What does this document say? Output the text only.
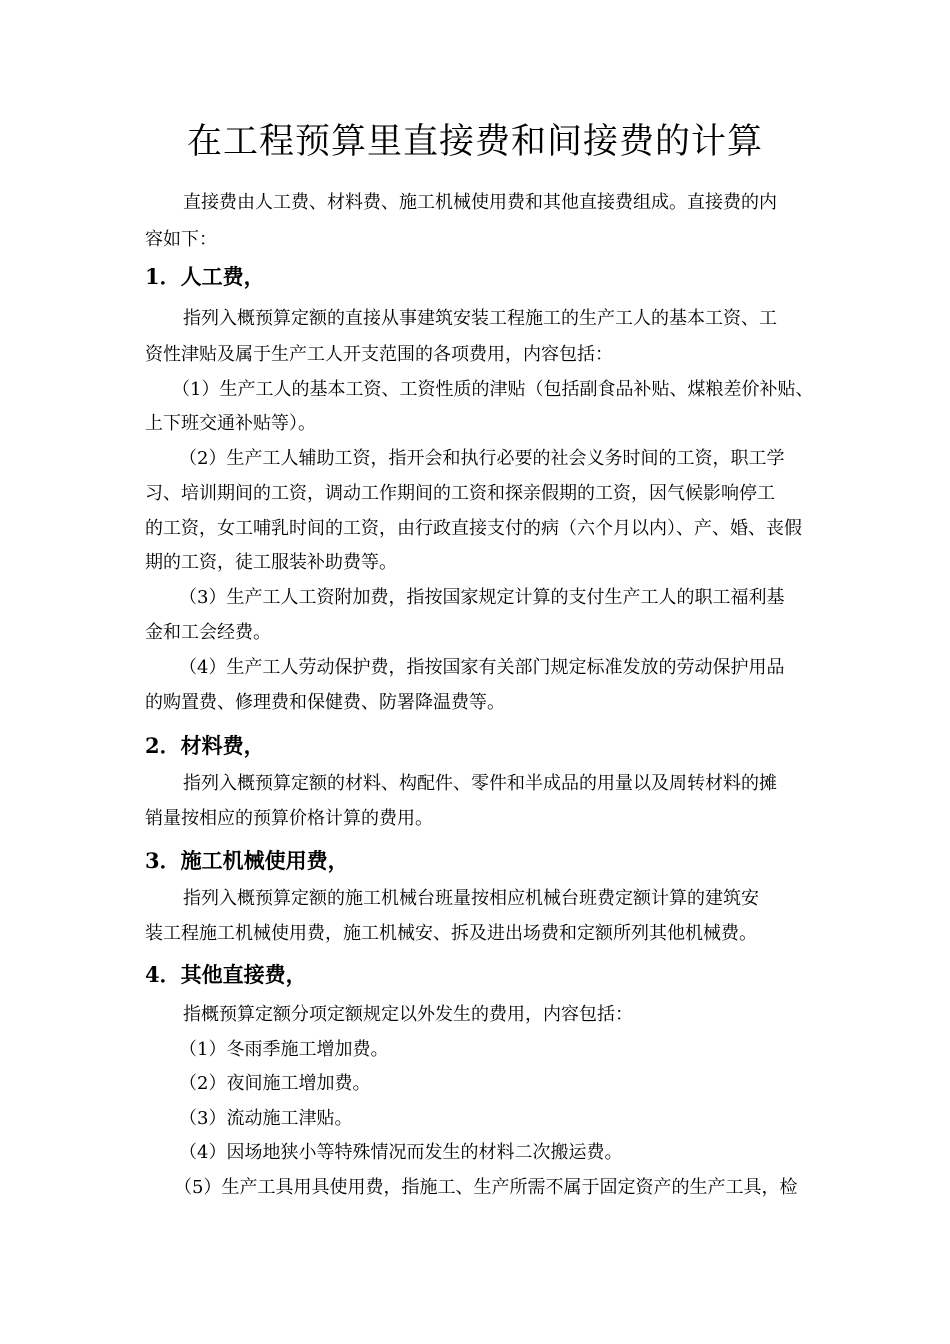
在工程预算里直接费和间接费的计算
直接费由人工费、材料费、施工机械使用费和其他直接费组成。直接费的内
容如下：
1．人工费，
指列入概预算定额的直接从事建筑安装工程施工的生产工人的基本工资、工
资性津贴及属于生产工人开支范围的各项费用，内容包括：
（1）生产工人的基本工资、工资性质的津贴（包括副食品补贴、煤粮差价补贴、
上下班交通补贴等）。
（2）生产工人辅助工资，指开会和执行必要的社会义务时间的工资，职工学
习、培训期间的工资，调动工作期间的工资和探亲假期的工资，因气候影响停工
的工资，女工哺乳时间的工资，由行政直接支付的病（六个月以内）、产、婚、丧假
期的工资，徒工服装补助费等。
（3）生产工人工资附加费，指按国家规定计算的支付生产工人的职工福利基
金和工会经费。
（4）生产工人劳动保护费，指按国家有关部门规定标准发放的劳动保护用品
的购置费、修理费和保健费、防署降温费等。
2．材料费，
指列入概预算定额的材料、构配件、零件和半成品的用量以及周转材料的摊
销量按相应的预算价格计算的费用。
3．施工机械使用费，
指列入概预算定额的施工机械台班量按相应机械台班费定额计算的建筑安
装工程施工机械使用费，施工机械安、拆及进出场费和定额所列其他机械费。
4．其他直接费，
指概预算定额分项定额规定以外发生的费用，内容包括：
（1）冬雨季施工增加费。
（2）夜间施工增加费。
（3）流动施工津贴。
（4）因场地狭小等特殊情况而发生的材料二次搬运费。
（5）生产工具用具使用费，指施工、生产所需不属于固定资产的生产工具，检
